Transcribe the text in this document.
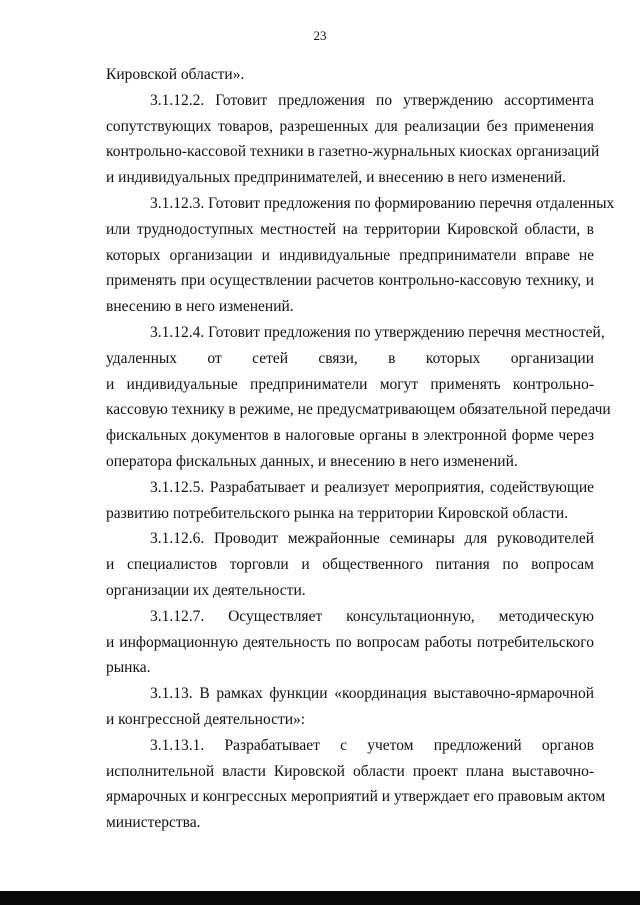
23
Кировской области».
3.1.12.2. Готовит предложения по утверждению ассортимента
сопутствующих товаров, разрешенных для реализации без применения
контрольно-кассовой техники в газетно-журнальных киосках организаций
и индивидуальных предпринимателей, и внесению в него изменений.
3.1.12.3. Готовит предложения по формированию перечня отдаленных
или труднодоступных местностей на территории Кировской области, в
которых организации и индивидуальные предприниматели вправе не
применять при осуществлении расчетов контрольно-кассовую технику, и
внесению в него изменений.
3.1.12.4. Готовит предложения по утверждению перечня местностей,
удаленных от сетей связи, в которых организации
и индивидуальные предприниматели могут применять контрольно-
кассовую технику в режиме, не предусматривающем обязательной передачи
фискальных документов в налоговые органы в электронной форме через
оператора фискальных данных, и внесению в него изменений.
3.1.12.5. Разрабатывает и реализует мероприятия, содействующие
развитию потребительского рынка на территории Кировской области.
3.1.12.6. Проводит межрайонные семинары для руководителей
и специалистов торговли и общественного питания по вопросам
организации их деятельности.
3.1.12.7. Осуществляет консультационную, методическую
и информационную деятельность по вопросам работы потребительского
рынка.
3.1.13. В рамках функции «координация выставочно-ярмарочной
и конгрессной деятельности»:
3.1.13.1. Разрабатывает с учетом предложений органов
исполнительной власти Кировской области проект плана выставочно-
ярмарочных и конгрессных мероприятий и утверждает его правовым актом
министерства.
